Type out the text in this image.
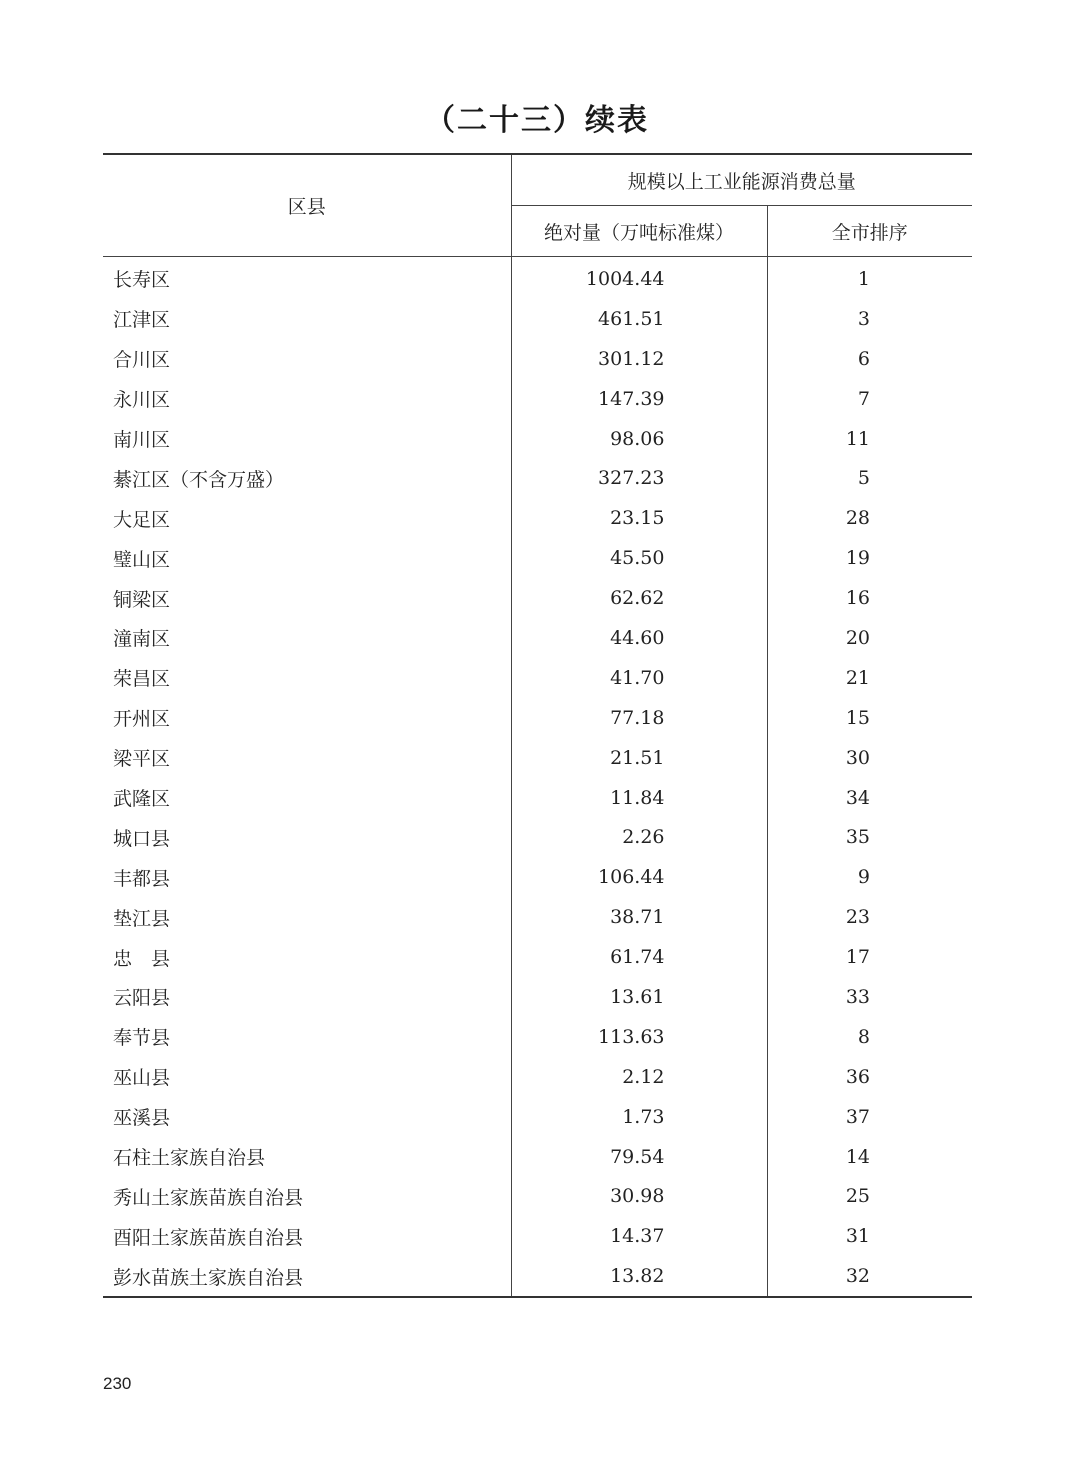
（二十三）续表
区县	规模以上工业能源消费总量	
	绝对量（万吨标准煤）	全市排序
长寿区	1004.44	1
江津区	461.51	3
合川区	301.12	6
永川区	147.39	7
南川区	98.06	11
綦江区（不含万盛）	327.23	5
大足区	23.15	28
璧山区	45.50	19
铜梁区	62.62	16
潼南区	44.60	20
荣昌区	41.70	21
开州区	77.18	15
梁平区	21.51	30
武隆区	11.84	34
城口县	2.26	35
丰都县	106.44	9
垫江县	38.71	23
忠　县	61.74	17
云阳县	13.61	33
奉节县	113.63	8
巫山县	2.12	36
巫溪县	1.73	37
石柱土家族自治县	79.54	14
秀山土家族苗族自治县	30.98	25
酉阳土家族苗族自治县	14.37	31
彭水苗族土家族自治县	13.82	32
230
